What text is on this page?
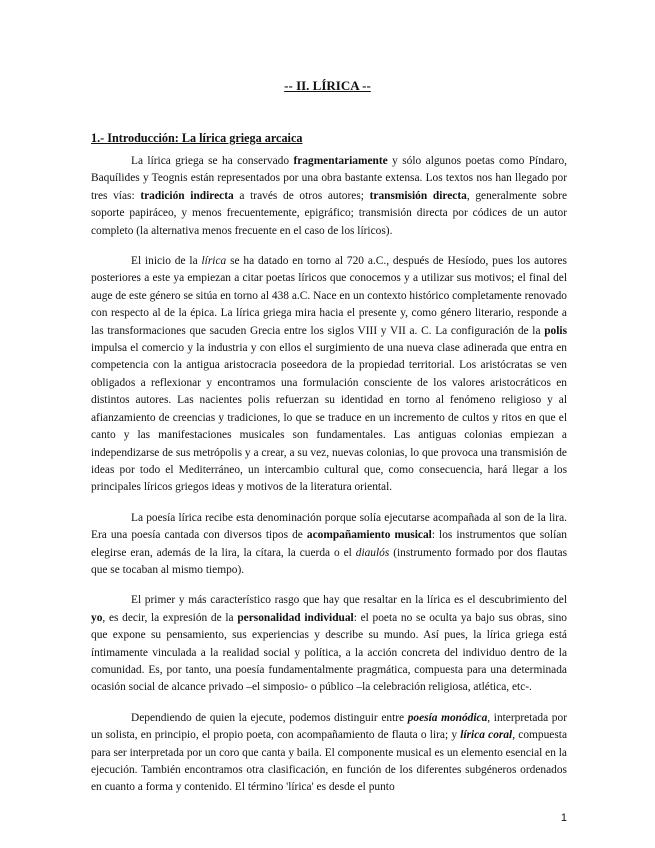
-- II. LÍRICA --
1.- Introducción: La lírica griega arcaica

La lírica griega se ha conservado fragmentariamente y sólo algunos poetas como Píndaro, Baquílides y Teognis están representados por una obra bastante extensa. Los textos nos han llegado por tres vías: tradición indirecta a través de otros autores; transmisión directa, generalmente sobre soporte papiráceo, y menos frecuentemente, epigráfico; transmisión directa por códices de un autor completo (la alternativa menos frecuente en el caso de los líricos).

El inicio de la lírica se ha datado en torno al 720 a.C., después de Hesíodo, pues los autores posteriores a este ya empiezan a citar poetas líricos que conocemos y a utilizar sus motivos; el final del auge de este género se sitúa en torno al 438 a.C. Nace en un contexto histórico completamente renovado con respecto al de la épica. La lírica griega mira hacia el presente y, como género literario, responde a las transformaciones que sacuden Grecia entre los siglos VIII y VII a. C. La configuración de la polis impulsa el comercio y la industria y con ellos el surgimiento de una nueva clase adinerada que entra en competencia con la antigua aristocracia poseedora de la propiedad territorial. Los aristócratas se ven obligados a reflexionar y encontramos una formulación consciente de los valores aristocráticos en distintos autores. Las nacientes polis refuerzan su identidad en torno al fenómeno religioso y al afianzamiento de creencias y tradiciones, lo que se traduce en un incremento de cultos y ritos en que el canto y las manifestaciones musicales son fundamentales. Las antiguas colonias empiezan a independizarse de sus metrópolis y a crear, a su vez, nuevas colonias, lo que provoca una transmisión de ideas por todo el Mediterráneo, un intercambio cultural que, como consecuencia, hará llegar a los principales líricos griegos ideas y motivos de la literatura oriental.

La poesía lírica recibe esta denominación porque solía ejecutarse acompañada al son de la lira. Era una poesía cantada con diversos tipos de acompañamiento musical: los instrumentos que solían elegirse eran, además de la lira, la cítara, la cuerda o el diaulós (instrumento formado por dos flautas que se tocaban al mismo tiempo).

El primer y más característico rasgo que hay que resaltar en la lírica es el descubrimiento del yo, es decir, la expresión de la personalidad individual: el poeta no se oculta ya bajo sus obras, sino que expone su pensamiento, sus experiencias y describe su mundo. Así pues, la lírica griega está íntimamente vinculada a la realidad social y política, a la acción concreta del individuo dentro de la comunidad. Es, por tanto, una poesía fundamentalmente pragmática, compuesta para una determinada ocasión social de alcance privado –el simposio- o público –la celebración religiosa, atlética, etc-.

Dependiendo de quien la ejecute, podemos distinguir entre poesía monódica, interpretada por un solista, en principio, el propio poeta, con acompañamiento de flauta o lira; y lírica coral, compuesta para ser interpretada por un coro que canta y baila. El componente musical es un elemento esencial en la ejecución. También encontramos otra clasificación, en función de los diferentes subgéneros ordenados en cuanto a forma y contenido. El término 'lírica' es desde el punto

1
